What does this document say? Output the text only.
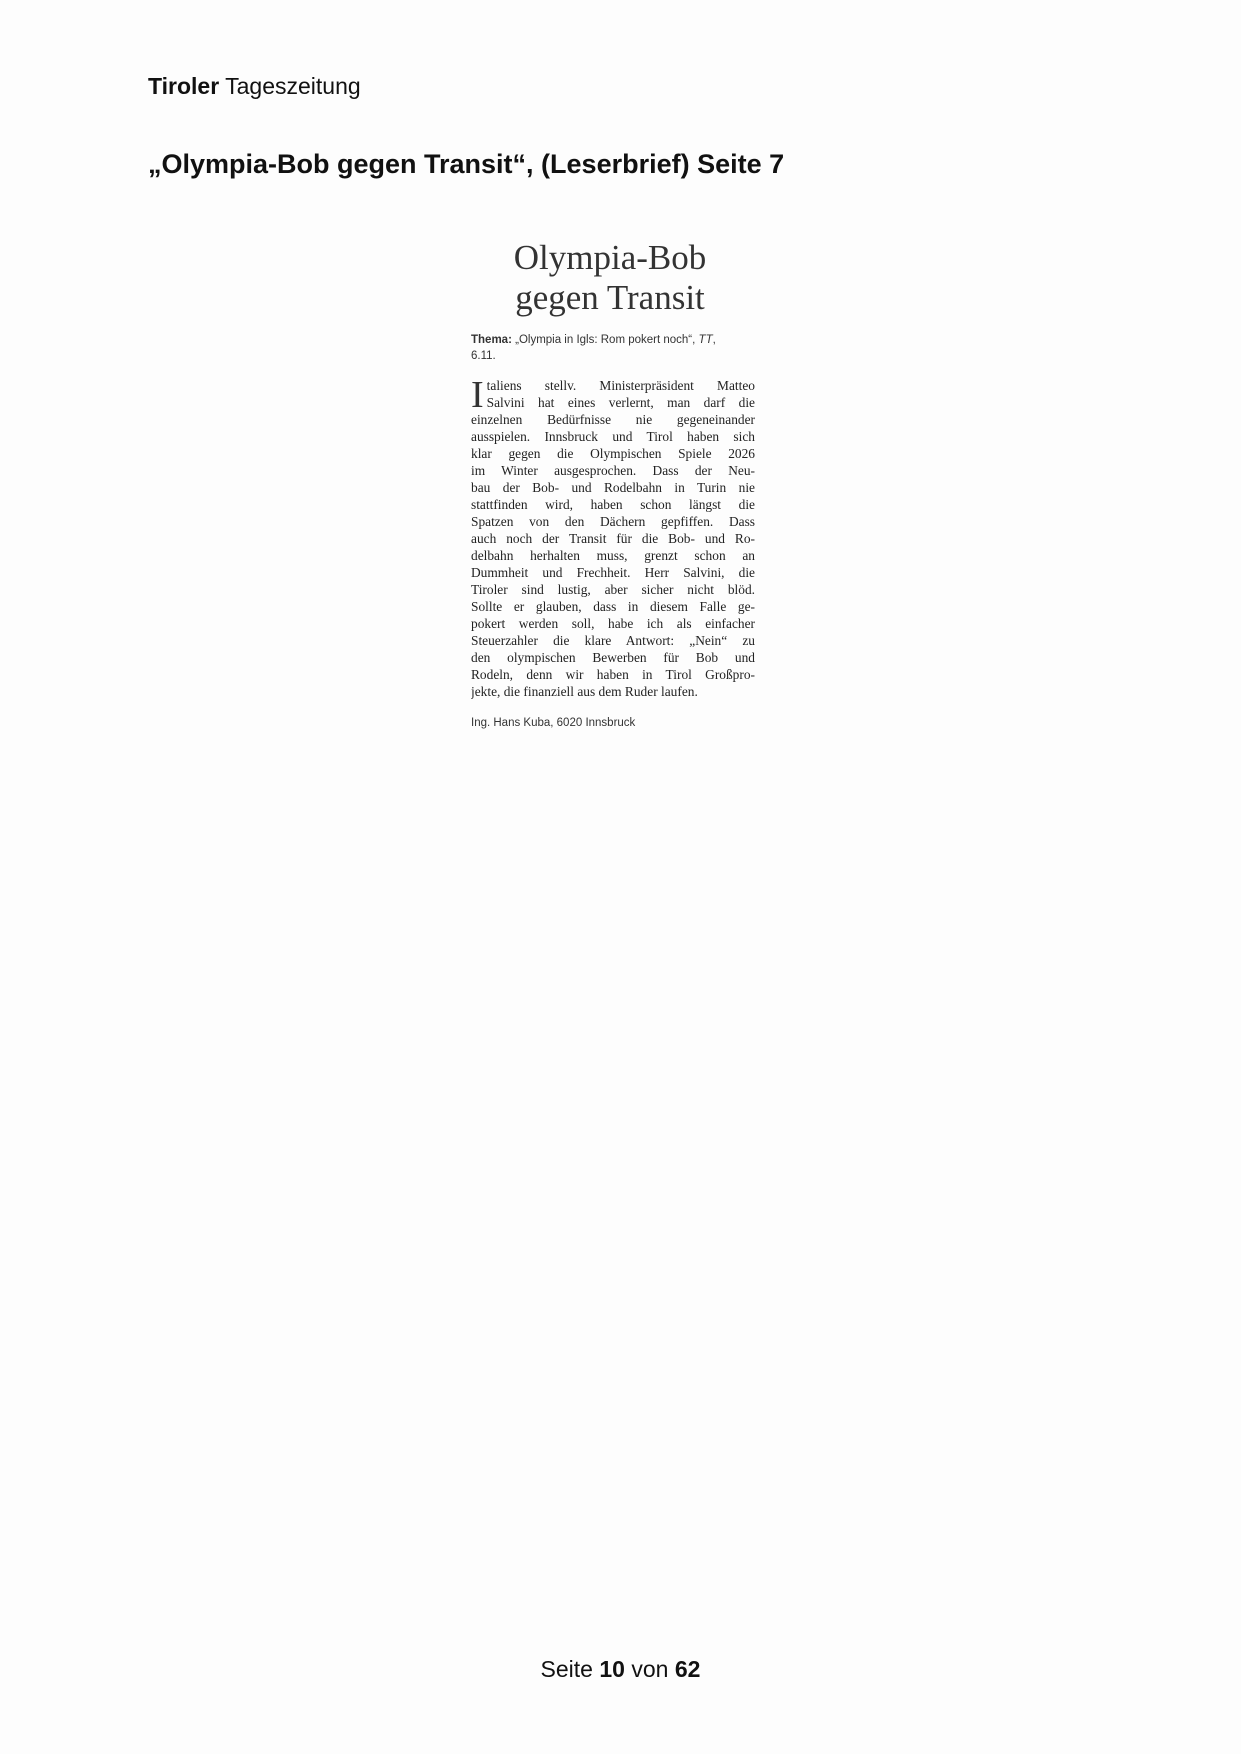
Tiroler Tageszeitung
„Olympia-Bob gegen Transit“, (Leserbrief) Seite 7
Olympia-Bob
gegen Transit
Thema: „Olympia in Igls: Rom pokert noch“, TT,
6.11.
I taliens stellv. Ministerpräsident Matteo
Salvini hat eines verlernt, man darf die
einzelnen Bedürfnisse nie gegeneinander
ausspielen. Innsbruck und Tirol haben sich
klar gegen die Olympischen Spiele 2026
im Winter ausgesprochen. Dass der Neu-
bau der Bob- und Rodelbahn in Turin nie
stattfinden wird, haben schon längst die
Spatzen von den Dächern gepfiffen. Dass
auch noch der Transit für die Bob- und Ro-
delbahn herhalten muss, grenzt schon an
Dummheit und Frechheit. Herr Salvini, die
Tiroler sind lustig, aber sicher nicht blöd.
Sollte er glauben, dass in diesem Falle ge-
pokert werden soll, habe ich als einfacher
Steuerzahler die klare Antwort: „Nein“ zu
den olympischen Bewerben für Bob und
Rodeln, denn wir haben in Tirol Großpro-
jekte, die finanziell aus dem Ruder laufen.
Ing. Hans Kuba, 6020 Innsbruck
Seite 10 von 62
